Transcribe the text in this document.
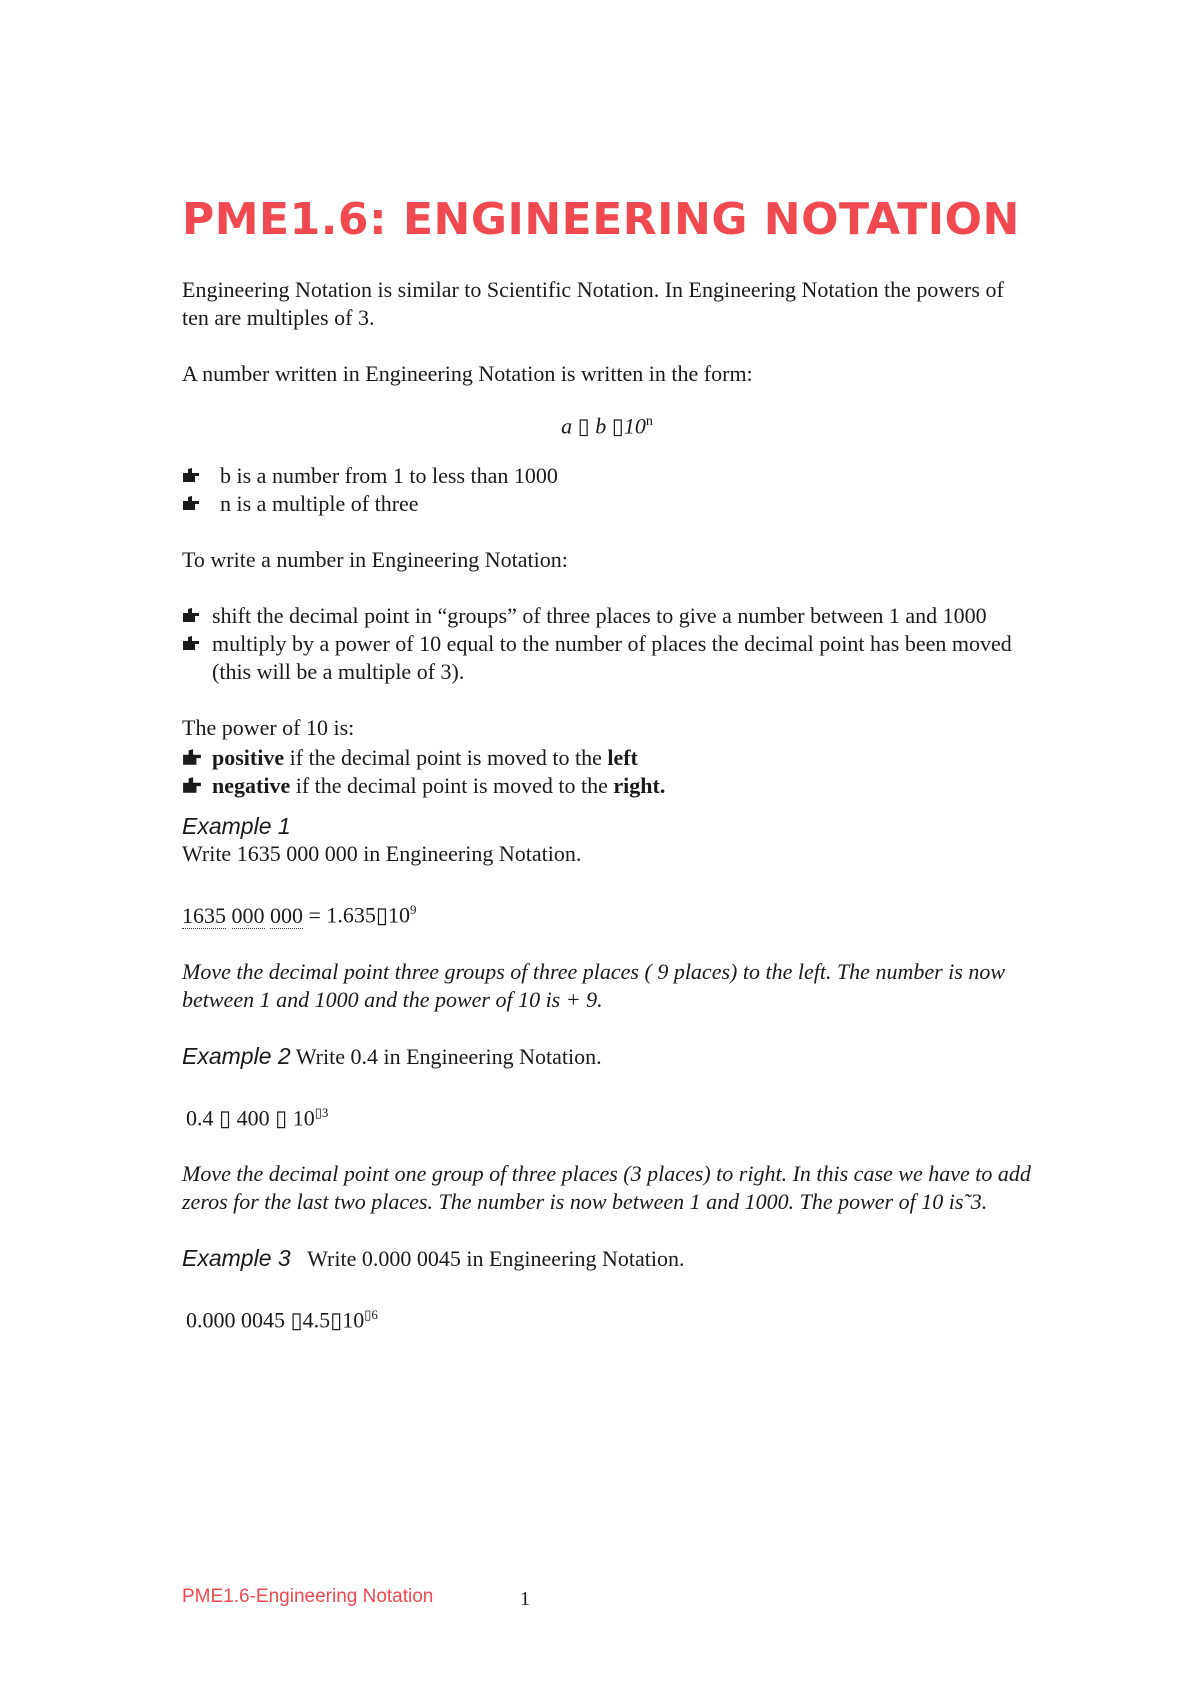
PME1.6: ENGINEERING NOTATION

Engineering Notation is similar to Scientific Notation. In Engineering Notation the powers of ten are multiples of 3.

A number written in Engineering Notation is written in the form:

a ▯ b ▯10$^n$
b is a number from 1 to less than 1000
n is a multiple of three

To write a number in Engineering Notation:

shift the decimal point in “groups” of three places to give a number between 1 and 1000
multiply by a power of 10 equal to the number of places the decimal point has been moved (this will be a multiple of 3).

The power of 10 is:

positive if the decimal point is moved to the left
negative if the decimal point is moved to the right.
Example 1

Write 1635 000 000 in Engineering Notation.

1635 000 $000 = 1.635▯10^9$

Move the decimal point three groups of three places ( 9 places) to the left. The number is now between 1 and 1000 and the power of 10 is + 9.

Example 2 Write 0.4 in Engineering Notation.

0.4 ▯ 400 ▯ $10^{▯3}$

Move the decimal point one group of three places (3 places) to right. In this case we have to add zeros for the last two places. The number is now between 1 and 1000. The power of 10 is˜3.

Example 3 Write 0.000 0045 in Engineering Notation.

0.000 0045 $▯4.5▯10^{▯6}$

PME1.6-Engineering Notation	1
